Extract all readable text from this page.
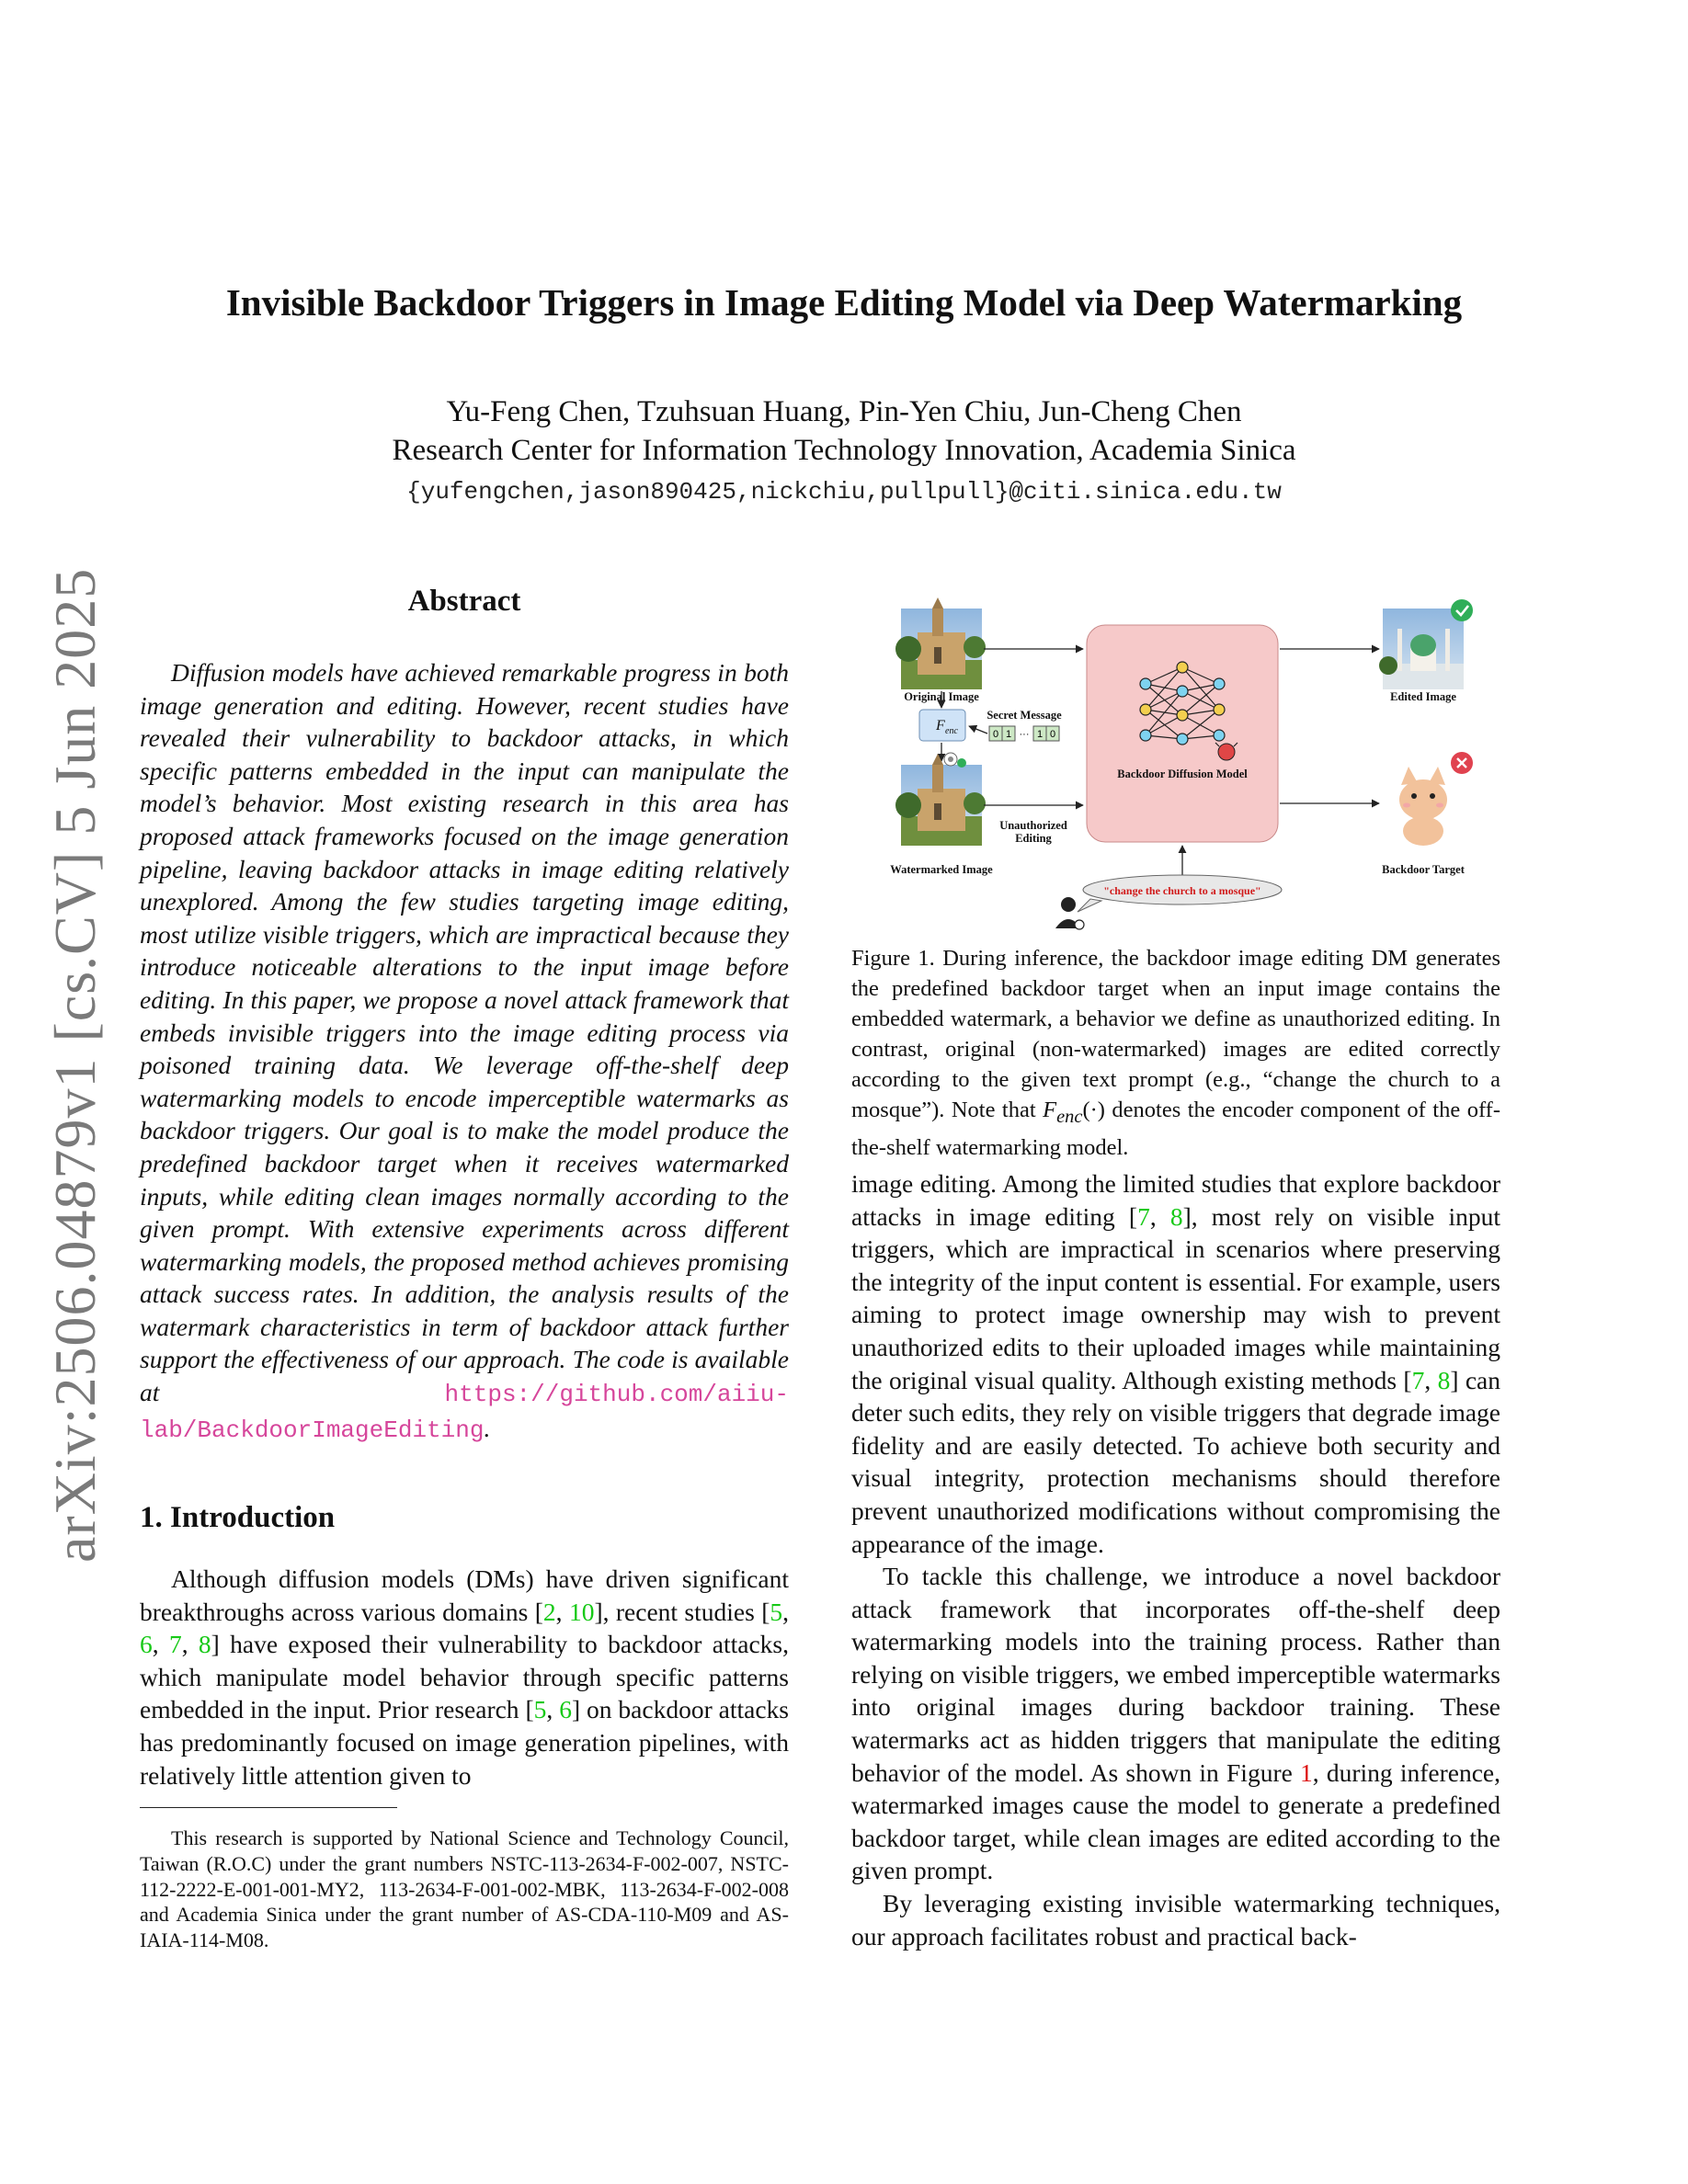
arXiv:2506.04879v1 [cs.CV] 5 Jun 2025
Invisible Backdoor Triggers in Image Editing Model via Deep Watermarking
Yu-Feng Chen, Tzuhsuan Huang, Pin-Yen Chiu, Jun-Cheng Chen
Research Center for Information Technology Innovation, Academia Sinica
{yufengchen,jason890425,nickchiu,pullpull}@citi.sinica.edu.tw
Abstract
Diffusion models have achieved remarkable progress in both image generation and editing. However, recent studies have revealed their vulnerability to backdoor attacks, in which specific patterns embedded in the input can manipulate the model’s behavior. Most existing research in this area has proposed attack frameworks focused on the image generation pipeline, leaving backdoor attacks in image editing relatively unexplored. Among the few studies targeting image editing, most utilize visible triggers, which are impractical because they introduce noticeable alterations to the input image before editing. In this paper, we propose a novel attack framework that embeds invisible triggers into the image editing process via poisoned training data. We leverage off-the-shelf deep watermarking models to encode imperceptible watermarks as backdoor triggers. Our goal is to make the model produce the predefined backdoor target when it receives watermarked inputs, while editing clean images normally according to the given prompt. With extensive experiments across different watermarking models, the proposed method achieves promising attack success rates. In addition, the analysis results of the watermark characteristics in term of backdoor attack further support the effectiveness of our approach. The code is available at	https://github.com/aiiu-lab/BackdoorImageEditing.
1. Introduction

Although diffusion models (DMs) have driven significant breakthroughs across various domains [2, 10], recent studies [5, 6, 7, 8] have exposed their vulnerability to backdoor attacks, which manipulate model behavior through specific patterns embedded in the input. Prior research [5, 6] on backdoor attacks has predominantly focused on image generation pipelines, with relatively little attention given to

This research is supported by National Science and Technology Council, Taiwan (R.O.C) under the grant numbers NSTC-113-2634-F-002-007, NSTC-112-2222-E-001-001-MY2, 113-2634-F-001-002-MBK, 113-2634-F-002-008 and Academia Sinica under the grant number of AS-CDA-110-M09 and AS-IAIA-114-M08.
Original Image
F enc
Secret Message
0 1 ··· 1 0
Watermarked Image
Unauthorized
Editing
Backdoor Diffusion Model
Edited Image
Backdoor Target
"change the church to a mosque"
Figure 1. During inference, the backdoor image editing DM generates the predefined backdoor target when an input image contains the embedded watermark, a behavior we define as unauthorized editing. In contrast, original (non-watermarked) images are edited correctly according to the given text prompt (e.g., “change the church to a mosque”). Note that $F_{enc}(\cdot)$ denotes the encoder component of the off-the-shelf watermarking model.

image editing. Among the limited studies that explore backdoor attacks in image editing [7, 8], most rely on visible input triggers, which are impractical in scenarios where preserving the integrity of the input content is essential. For example, users aiming to protect image ownership may wish to prevent unauthorized edits to their uploaded images while maintaining the original visual quality. Although existing methods [7, 8] can deter such edits, they rely on visible triggers that degrade image fidelity and are easily detected. To achieve both security and visual integrity, protection mechanisms should therefore prevent unauthorized modifications without compromising the appearance of the image.

To tackle this challenge, we introduce a novel backdoor attack framework that incorporates off-the-shelf deep watermarking models into the training process. Rather than relying on visible triggers, we embed imperceptible watermarks into original images during backdoor training. These watermarks act as hidden triggers that manipulate the editing behavior of the model. As shown in Figure 1, during inference, watermarked images cause the model to generate a predefined backdoor target, while clean images are edited according to the given prompt.

By leveraging existing invisible watermarking techniques, our approach facilitates robust and practical back-
